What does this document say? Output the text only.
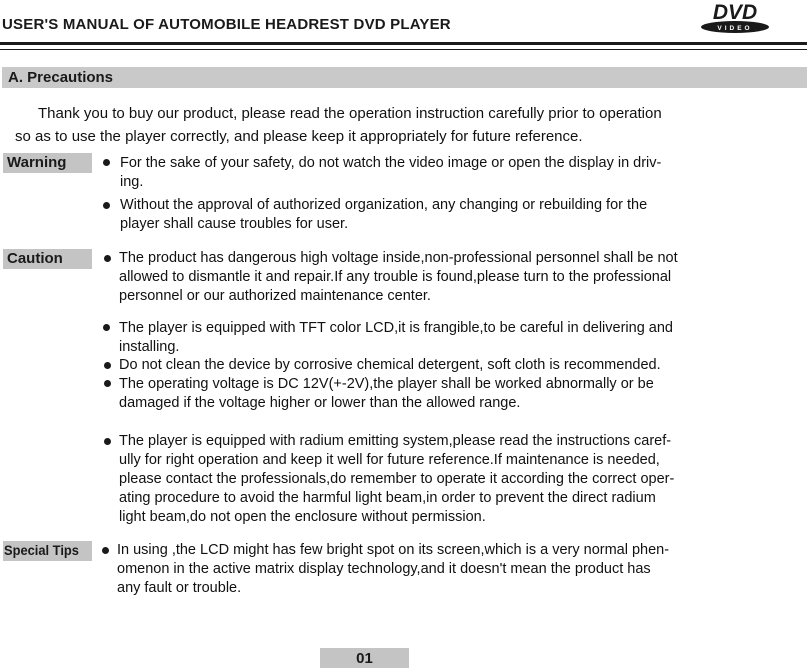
USER'S MANUAL OF AUTOMOBILE HEADREST DVD PLAYER
DVD
VIDEO
A. Precautions
Thank you to buy our product, please read the operation instruction carefully prior to operation
so as to use the player correctly, and please keep it appropriately for future reference.
Warning	For the sake of your safety, do not watch the video image or open the display in driv-
ing.
Without the approval of authorized organization, any changing or rebuilding for the
player shall cause troubles for user.
Caution	The product has dangerous high voltage inside,non-professional personnel shall be not
allowed to dismantle it and repair.If any trouble is found,please turn to the professional
personnel or our authorized maintenance center.
The player is equipped with TFT color LCD,it is frangible,to be careful in delivering and
installing.
Do not clean the device by corrosive chemical detergent, soft cloth is recommended.
The operating voltage is DC 12V(+-2V),the player shall be worked abnormally or be
damaged if the voltage higher or lower than the allowed range.
The player is equipped with radium emitting system,please read the instructions caref-
ully for right operation and keep it well for future reference.If maintenance is needed,
please contact the professionals,do remember to operate it according the correct oper-
ating procedure to avoid the harmful light beam,in order to prevent the direct radium
light beam,do not open the enclosure without permission.
Special Tips	In using ,the LCD might has few bright spot on its screen,which is a very normal phen-
omenon in the active matrix display technology,and it doesn't mean the product has
any fault or trouble.
01
